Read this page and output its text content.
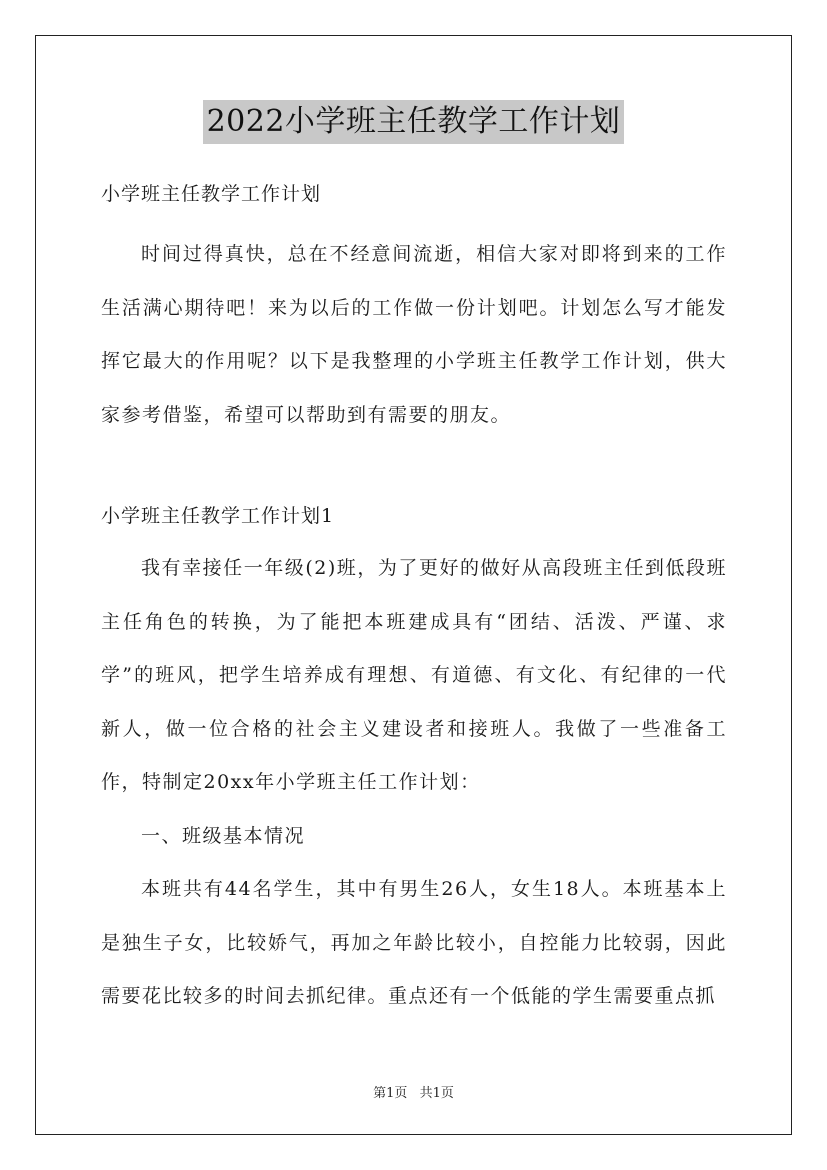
2022小学班主任教学工作计划

小学班主任教学工作计划

时间过得真快，总在不经意间流逝，相信大家对即将到来的工作生活满心期待吧！来为以后的工作做一份计划吧。计划怎么写才能发挥它最大的作用呢？以下是我整理的小学班主任教学工作计划，供大家参考借鉴，希望可以帮助到有需要的朋友。

小学班主任教学工作计划1

我有幸接任一年级(2)班，为了更好的做好从高段班主任到低段班主任角色的转换，为了能把本班建成具有“团结、活泼、严谨、求学”的班风，把学生培养成有理想、有道德、有文化、有纪律的一代新人，做一位合格的社会主义建设者和接班人。我做了一些准备工作，特制定20xx年小学班主任工作计划：

一、班级基本情况

本班共有44名学生，其中有男生26人，女生18人。本班基本上是独生子女，比较娇气，再加之年龄比较小，自控能力比较弱，因此需要花比较多的时间去抓纪律。重点还有一个低能的学生需要重点抓

第1页 共1页
